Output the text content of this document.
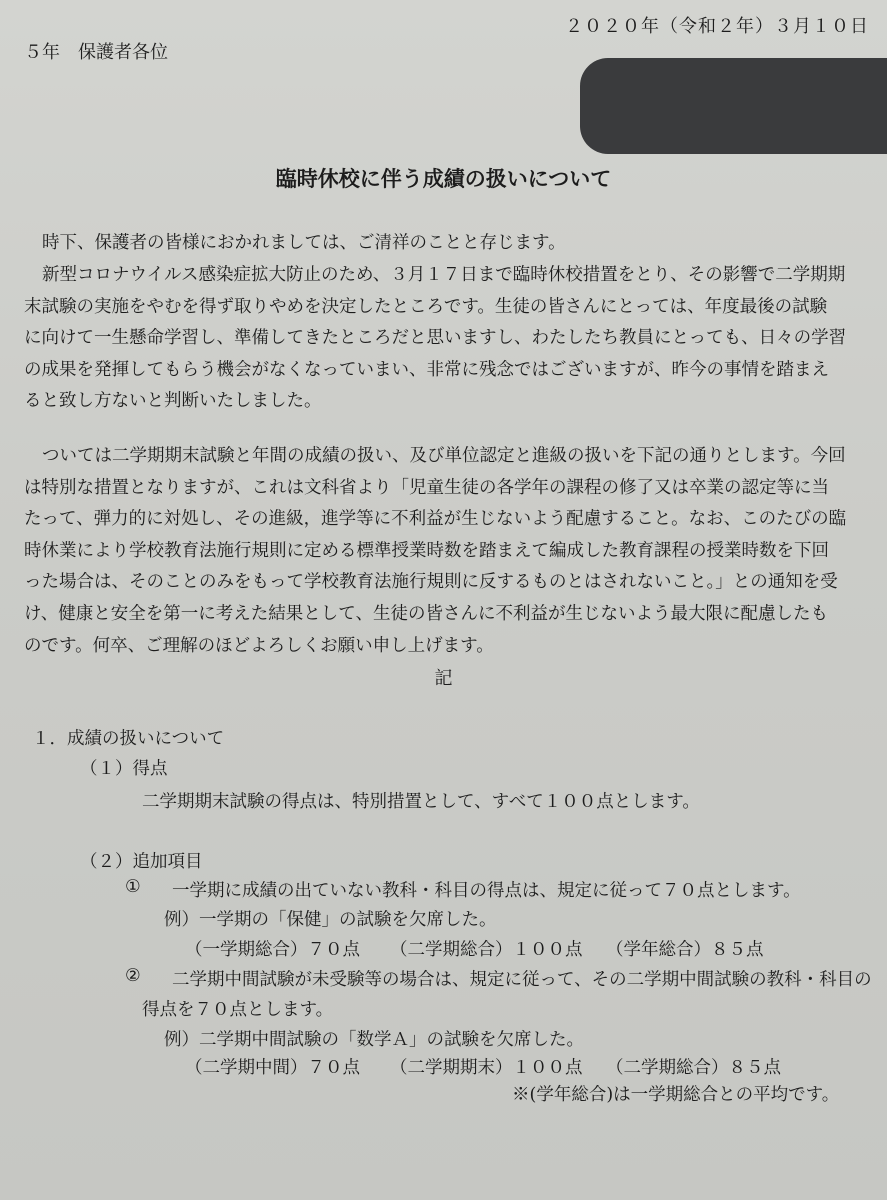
２０２０年（令和２年）３月１０日
５年　保護者各位
臨時休校に伴う成績の扱いについて
時下、保護者の皆様におかれましては、ご清祥のことと存じます。
新型コロナウイルス感染症拡大防止のため、３月１７日まで臨時休校措置をとり、その影響で二学期期
末試験の実施をやむを得ず取りやめを決定したところです。生徒の皆さんにとっては、年度最後の試験
に向けて一生懸命学習し、準備してきたところだと思いますし、わたしたち教員にとっても、日々の学習
の成果を発揮してもらう機会がなくなっていまい、非常に残念ではございますが、昨今の事情を踏まえ
ると致し方ないと判断いたしました。
ついては二学期期末試験と年間の成績の扱い、及び単位認定と進級の扱いを下記の通りとします。今回
は特別な措置となりますが、これは文科省より「児童生徒の各学年の課程の修了又は卒業の認定等に当
たって、弾力的に対処し、その進級，進学等に不利益が生じないよう配慮すること。なお、このたびの臨
時休業により学校教育法施行規則に定める標準授業時数を踏まえて編成した教育課程の授業時数を下回
った場合は、そのことのみをもって学校教育法施行規則に反するものとはされないこと。」との通知を受
け、健康と安全を第一に考えた結果として、生徒の皆さんに不利益が生じないよう最大限に配慮したも
のです。何卒、ご理解のほどよろしくお願い申し上げます。
記
１．成績の扱いについて
（１）得点
二学期期末試験の得点は、特別措置として、すべて１００点とします。
（２）追加項目
① 一学期に成績の出ていない教科・科目の得点は、規定に従って７０点とします。
例）一学期の「保健」の試験を欠席した。
（一学期総合）７０点 （二学期総合）１００点 （学年総合）８５点
② 二学期中間試験が未受験等の場合は、規定に従って、その二学期中間試験の教科・科目の
得点を７０点とします。
例）二学期中間試験の「数学Ａ」の試験を欠席した。
（二学期中間）７０点 （二学期期末）１００点 （二学期総合）８５点
※(学年総合)は一学期総合との平均です。
